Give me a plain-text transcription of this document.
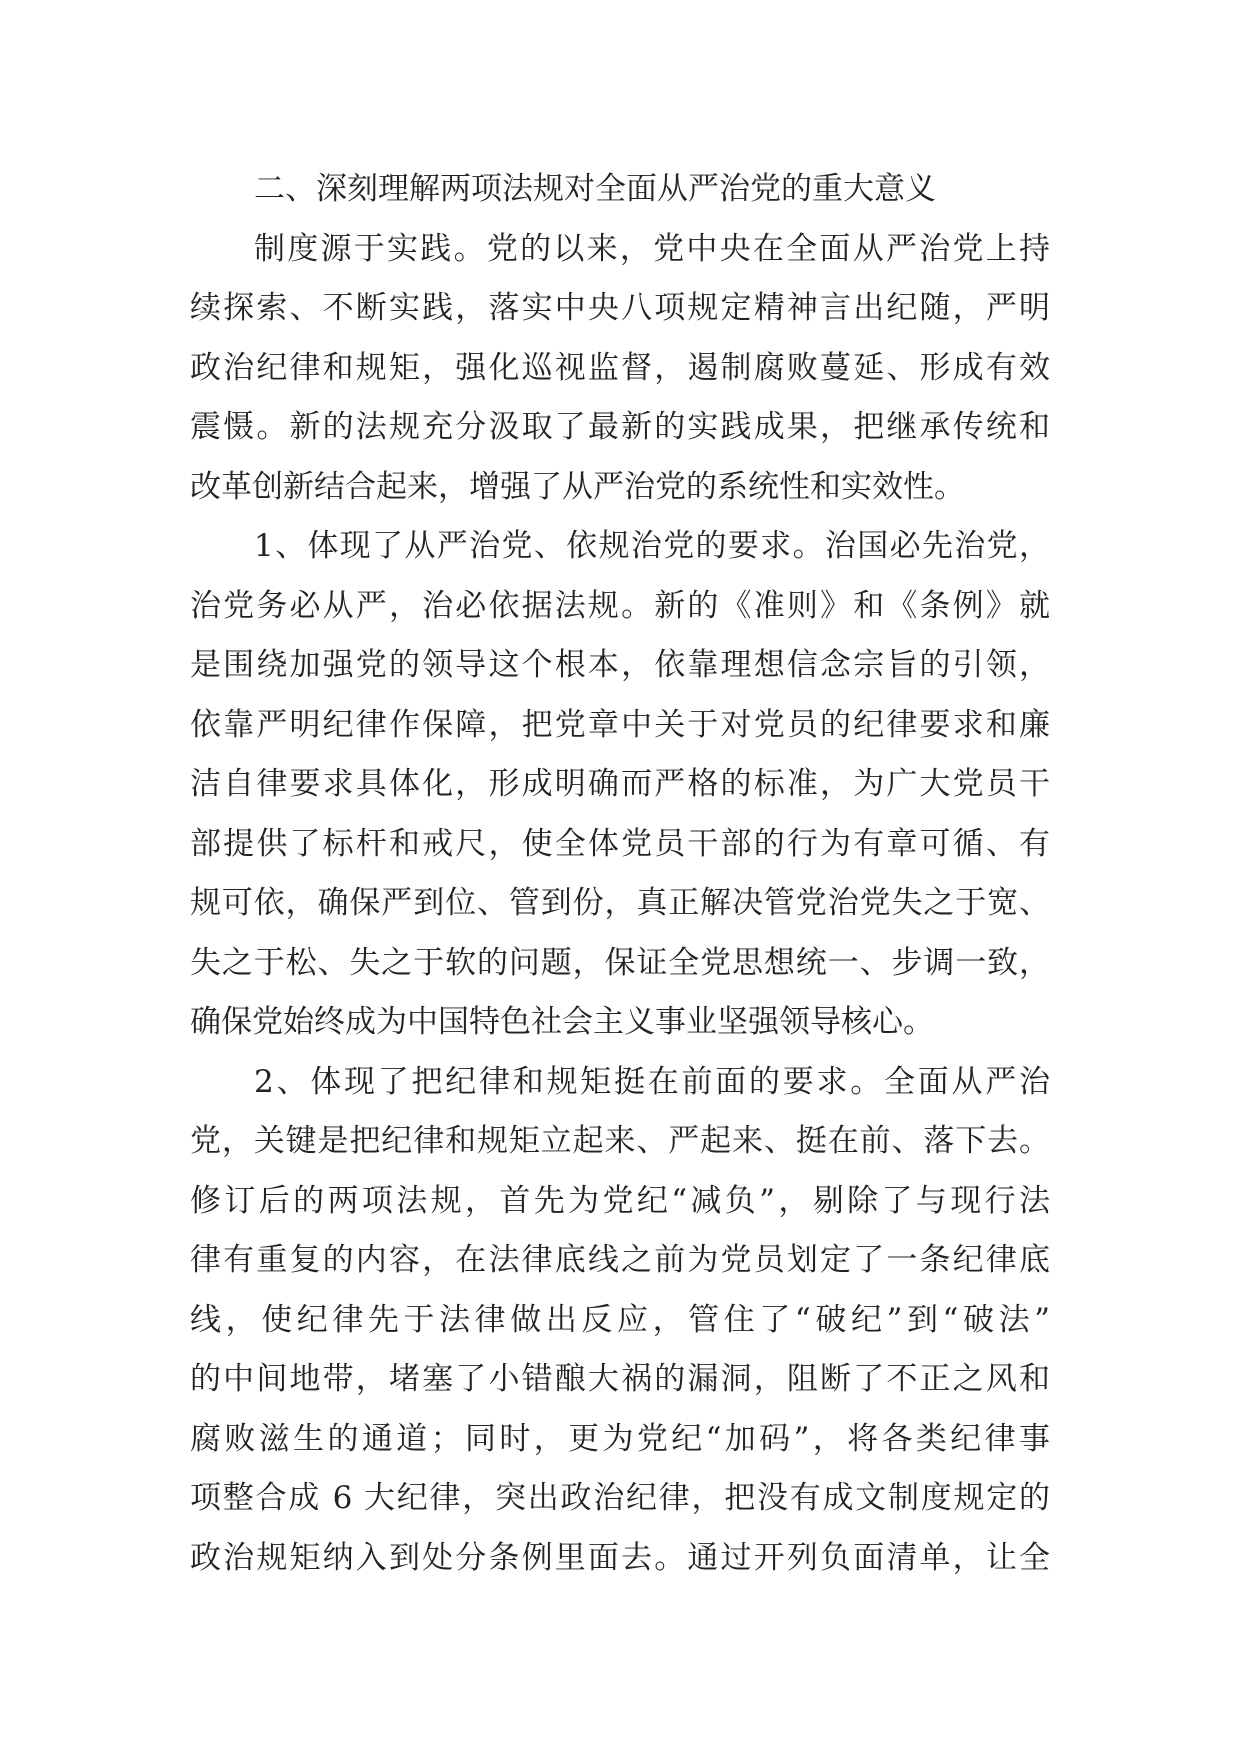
二、深刻理解两项法规对全面从严治党的重大意义
制度源于实践。党的以来，党中央在全面从严治党上持
续探索、不断实践，落实中央八项规定精神言出纪随，严明
政治纪律和规矩，强化巡视监督，遏制腐败蔓延、形成有效
震慑。新的法规充分汲取了最新的实践成果，把继承传统和
改革创新结合起来，增强了从严治党的系统性和实效性。
1、体现了从严治党、依规治党的要求。治国必先治党，
治党务必从严，治必依据法规。新的《准则》和《条例》就
是围绕加强党的领导这个根本，依靠理想信念宗旨的引领，
依靠严明纪律作保障，把党章中关于对党员的纪律要求和廉
洁自律要求具体化，形成明确而严格的标准，为广大党员干
部提供了标杆和戒尺，使全体党员干部的行为有章可循、有
规可依，确保严到位、管到份，真正解决管党治党失之于宽、
失之于松、失之于软的问题，保证全党思想统一、步调一致，
确保党始终成为中国特色社会主义事业坚强领导核心。
2、体现了把纪律和规矩挺在前面的要求。全面从严治
党，关键是把纪律和规矩立起来、严起来、挺在前、落下去。
修订后的两项法规，首先为党纪“减负”，剔除了与现行法
律有重复的内容，在法律底线之前为党员划定了一条纪律底
线，使纪律先于法律做出反应，管住了“破纪”到“破法”
的中间地带，堵塞了小错酿大祸的漏洞，阻断了不正之风和
腐败滋生的通道；同时，更为党纪“加码”，将各类纪律事
项整合成 6 大纪律，突出政治纪律，把没有成文制度规定的
政治规矩纳入到处分条例里面去。通过开列负面清单，让全
